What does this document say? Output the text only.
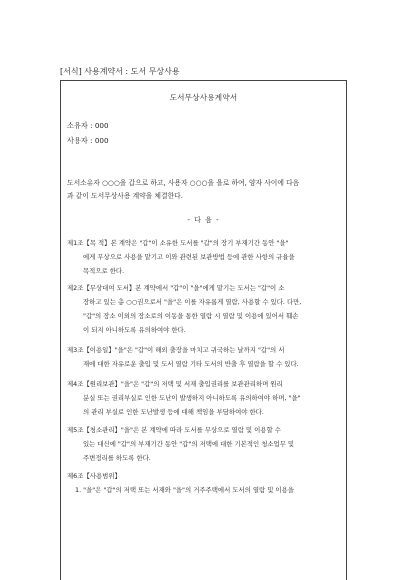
[서식] 사용계약서 : 도서 무상사용
도서무상사용계약서
소유자 : 000
사용자 : 000
도서소유자 ○○○을 갑으로 하고, 사용자 ○○○을 을로 하여, 양자 사이에 다음
과 같이 도서무상사용 계약을 체결한다.
- 다 음 -
제1조【목 적】본 계약은 "갑"이 소유한 도서를 "갑"의 장기 부재기간 동안 "을"
에게 무상으로 사용을 맡기고 이와 관련된 보관방법 등에 관한 사항의 규율을
목적으로 한다.
제2조【무상대여 도서】본 계약에서 "갑"이 "을"에게 맡기는 도서는 "갑"이 소
장하고 있는 총 ○○권으로서 "을"은 이를 자유롭게 열람, 사용할 수 있다. 다만,
"갑"의 장소 이외의 장소로의 이동을 통한 열람 시 열람 및 이용에 있어서 훼손
이 되지 아니하도록 유의하여야 한다.
제3조【이용일】"을"은 "갑"이 해외 출장을 마치고 귀국하는 날까지 "갑"의 서
재에 대한 자유로운 출입 및 도서 열람 기타 도서의 반출 후 열람을 할 수 있다.
제4조【원리보관】"을"은 "갑"의 저택 및 서재 출입권리를 보관관리하며 원리
분실 또는 권리부실로 인한 도난이 발생하지 아니하도록 유의하여야 하며, "을"
의 관리 부실로 인한 도난발생 등에 대해 책임을 부담하여야 한다.
제5조【청소관리】"을"은 본 계약에 따라 도서를 무상으로 열람 및 이용할 수
있는 대신에 "갑"의 부재기간 동안 "갑"의 저택에 대한 기본적인 청소업무 및
주변정리를 하도록 한다.
제6조【사용범위】
1. "을"은 "갑"의 저택 또는 서재와 "을"의 거주주택에서 도서의 열람 및 이용을
